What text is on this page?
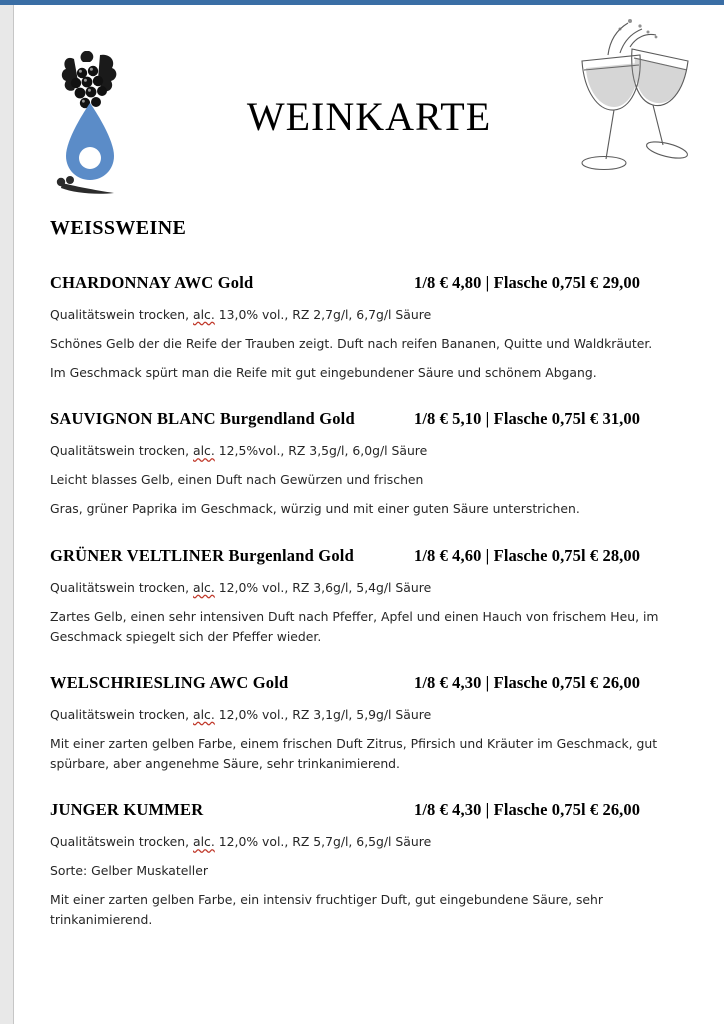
WEINKARTE
WEISSWEINE
CHARDONNAY AWC Gold	1/8 € 4,80 | Flasche 0,75l € 29,00
Qualitätswein trocken, alc. 13,0% vol., RZ 2,7g/l, 6,7g/l Säure
Schönes Gelb der die Reife der Trauben zeigt. Duft nach reifen Bananen, Quitte und Waldkräuter.
Im Geschmack spürt man die Reife mit gut eingebundener Säure und schönem Abgang.
SAUVIGNON BLANC Burgendland Gold	1/8 € 5,10 | Flasche 0,75l € 31,00
Qualitätswein trocken, alc. 12,5%vol., RZ 3,5g/l, 6,0g/l Säure
Leicht blasses Gelb, einen Duft nach Gewürzen und frischen
Gras, grüner Paprika im Geschmack, würzig und mit einer guten Säure unterstrichen.
GRÜNER VELTLINER Burgenland Gold	1/8 € 4,60 | Flasche 0,75l € 28,00
Qualitätswein trocken, alc. 12,0% vol., RZ 3,6g/l, 5,4g/l Säure
Zartes Gelb, einen sehr intensiven Duft nach Pfeffer, Apfel und einen Hauch von frischem Heu, im Geschmack spiegelt sich der Pfeffer wieder.
WELSCHRIESLING AWC Gold	1/8 € 4,30 | Flasche 0,75l € 26,00
Qualitätswein trocken, alc. 12,0% vol., RZ 3,1g/l, 5,9g/l Säure
Mit einer zarten gelben Farbe, einem frischen Duft Zitrus, Pfirsich und Kräuter im Geschmack, gut spürbare, aber angenehme Säure, sehr trinkanimierend.
JUNGER KUMMER	1/8 € 4,30 | Flasche 0,75l € 26,00
Qualitätswein trocken, alc. 12,0% vol., RZ 5,7g/l, 6,5g/l Säure
Sorte: Gelber Muskateller
Mit einer zarten gelben Farbe, ein intensiv fruchtiger Duft, gut eingebundene Säure, sehr trinkanimierend.
